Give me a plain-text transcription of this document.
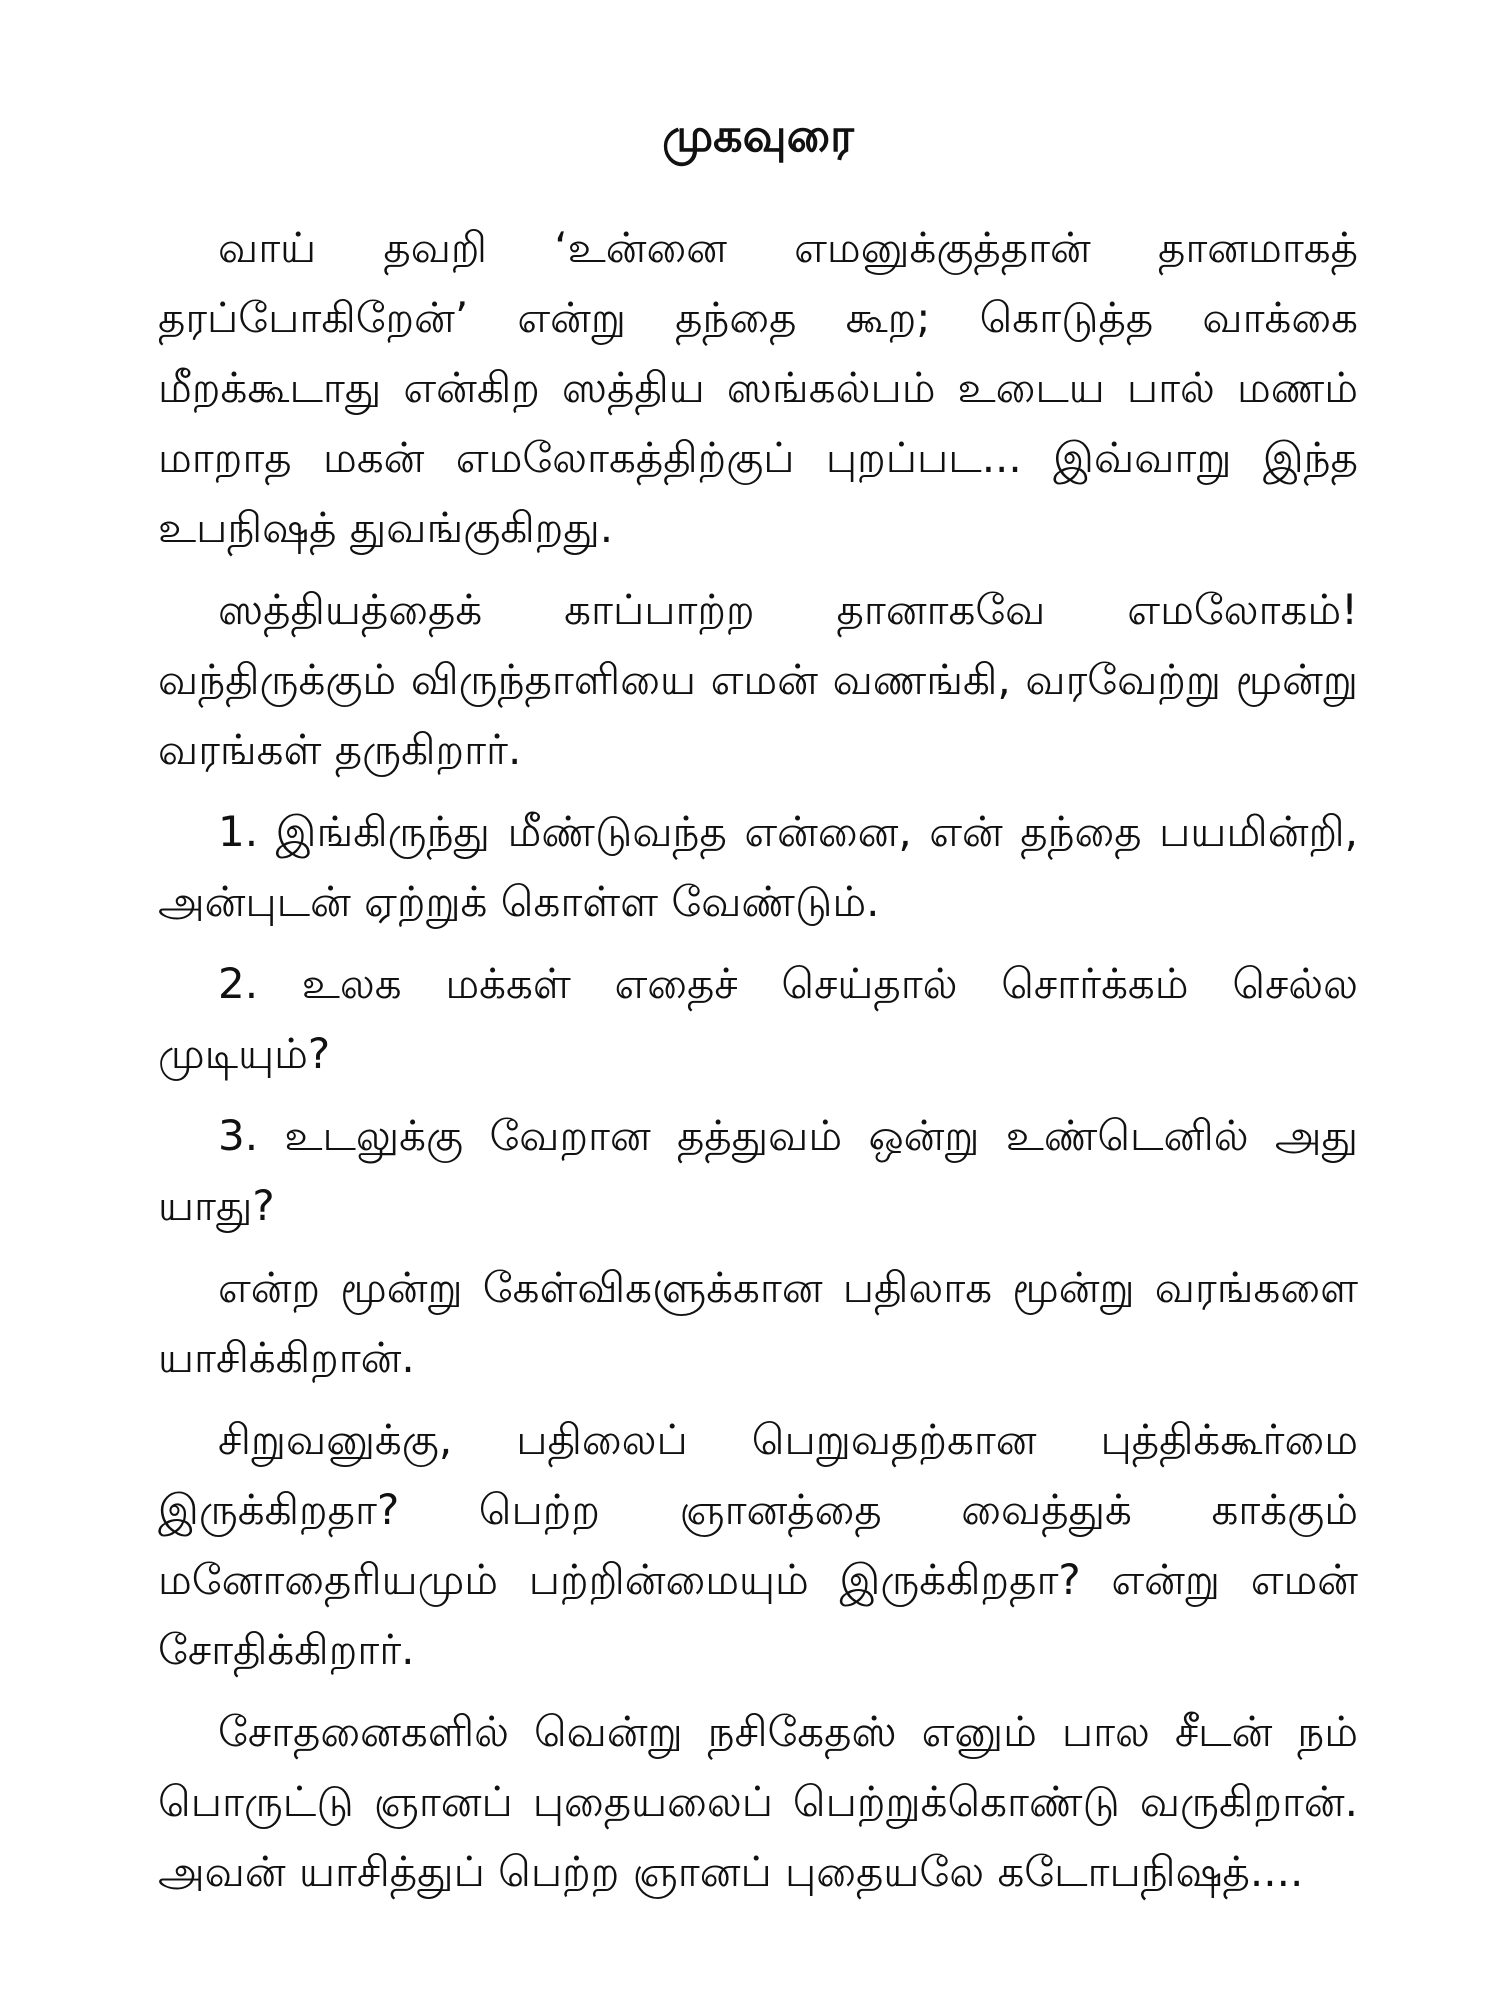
முகவுரை

வாய் தவறி ‘உன்னை எமனுக்குத்தான் தானமாகத் தரப்போகிறேன்’ என்று தந்தை கூற; கொடுத்த வாக்கை மீறக்கூடாது என்கிற ஸத்திய ஸங்கல்பம் உடைய பால் மணம் மாறாத மகன் எமலோகத்திற்குப் புறப்பட... இவ்வாறு இந்த உபநிஷத் துவங்குகிறது.

ஸத்தியத்தைக் காப்பாற்ற தானாகவே எமலோகம்! வந்திருக்கும் விருந்தாளியை எமன் வணங்கி, வரவேற்று மூன்று வரங்கள் தருகிறார்.

1. இங்கிருந்து மீண்டுவந்த என்னை, என் தந்தை பயமின்றி, அன்புடன் ஏற்றுக் கொள்ள வேண்டும்.

2. உலக மக்கள் எதைச் செய்தால் சொர்க்கம் செல்ல முடியும்?

3. உடலுக்கு வேறான தத்துவம் ஒன்று உண்டெனில் அது யாது?

என்ற மூன்று கேள்விகளுக்கான பதிலாக மூன்று வரங்களை யாசிக்கிறான்.

சிறுவனுக்கு, பதிலைப் பெறுவதற்கான புத்திக்கூர்மை இருக்கிறதா? பெற்ற ஞானத்தை வைத்துக் காக்கும் மனோதைரியமும் பற்றின்மையும் இருக்கிறதா? என்று எமன் சோதிக்கிறார்.

சோதனைகளில் வென்று நசிகேதஸ் எனும் பால சீடன் நம் பொருட்டு ஞானப் புதையலைப் பெற்றுக்கொண்டு வருகிறான். அவன் யாசித்துப் பெற்ற ஞானப் புதையலே கடோபநிஷத்....
